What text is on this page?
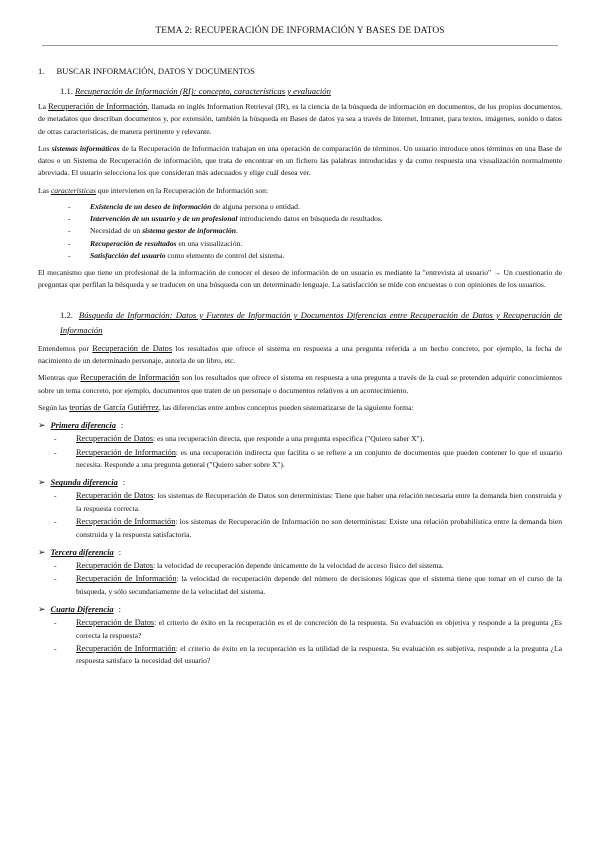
TEMA 2: RECUPERACIÓN DE INFORMACIÓN Y BASES DE DATOS
1. BUSCAR INFORMACIÓN, DATOS Y DOCUMENTOS
1.1. Recuperación de Información (RI): concepto, características y evaluación

La Recuperación de Información, llamada en inglés Information Retrieval (IR), es la ciencia de la búsqueda de información en documentos, de los propios documentos, de metadatos que describan documentos y, por extensión, también la búsqueda en Bases de datos ya sea a través de Internet, Intranet, para textos, imágenes, sonido o datos de otras características, de manera pertinente y relevante.

Los sistemas informáticos de la Recuperación de Información trabajan en una operación de comparación de términos. Un usuario introduce unos términos en una Base de datos o un Sistema de Recuperación de información, que trata de encontrar en un fichero las palabras introducidas y da como respuesta una visualización normalmente abreviada. El usuario selecciona los que consideran más adecuados y elige cuál desea ver.

Las características que intervienen en la Recuperación de Información son:

- Existencia de un deseo de información de alguna persona o entidad.
- Intervención de un usuario y de un profesional introduciendo datos en búsqueda de resultados.
- Necesidad de un sistema gestor de información.
- Recuperación de resultados en una visualización.
- Satisfacción del usuario como elemento de control del sistema.

El mecanismo que tiene un profesional de la información de conocer el deseo de información de un usuario es mediante la "entrevista al usuario" → Un cuestionario de preguntas que perfilan la búsqueda y se traducen en una búsqueda con un determinado lenguaje. La satisfacción se mide con encuestas o con opiniones de los usuarios.

1.2. Búsqueda de Información: Datos y Fuentes de Información y Documentos Diferencias entre Recuperación de Datos y Recuperación de Información

Entendemos por Recuperación de Datos los resultados que ofrece el sistema en respuesta a una pregunta referida a un hecho concreto, por ejemplo, la fecha de nacimiento de un determinado personaje, autoría de un libro, etc.

Mientras que Recuperación de Información son los resultados que ofrece el sistema en respuesta a una pregunta a través de la cual se pretenden adquirir conocimientos sobre un tema concreto, por ejemplo, documentos que traten de un personaje o documentos relativos a un acontecimiento.

Según las teorías de García Gutiérrez, las diferencias entre ambos conceptos pueden sistematizarse de la siguiente forma:

➢ Primera diferencia :
- Recuperación de Datos: es una recuperación directa, que responde a una pregunta específica ("Quiero saber X").
- Recuperación de Información: es una recuperación indirecta que facilita o se refiere a un conjunto de documentos que pueden contener lo que el usuario necesita. Responde a una pregunta general ("Quiero saber sobre X").
➢ Segunda diferencia :
- Recuperación de Datos: los sistemas de Recuperación de Datos son deterministas: Tiene que haber una relación necesaria entre la demanda bien construida y la respuesta correcta.
- Recuperación de Información: los sistemas de Recuperación de Información no son deterministas: Existe una relación probabilística entre la demanda bien construida y la respuesta satisfactoria.
➢ Tercera diferencia :
- Recuperación de Datos: la velocidad de recuperación depende únicamente de la velocidad de acceso físico del sistema.
- Recuperación de Información: la velocidad de recuperación depende del número de decisiones lógicas que el sistema tiene que tomar en el curso de la búsqueda, y sólo secundariamente de la velocidad del sistema.
➢ Cuarta Diferencia :
- Recuperación de Datos: el criterio de éxito en la recuperación es el de concreción de la respuesta. Su evaluación es objetiva y responde a la pregunta ¿Es correcta la respuesta?
- Recuperación de Información: el criterio de éxito en la recuperación es la utilidad de la respuesta. Su evaluación es subjetiva, responde a la pregunta ¿La respuesta satisface la necesidad del usuario?
